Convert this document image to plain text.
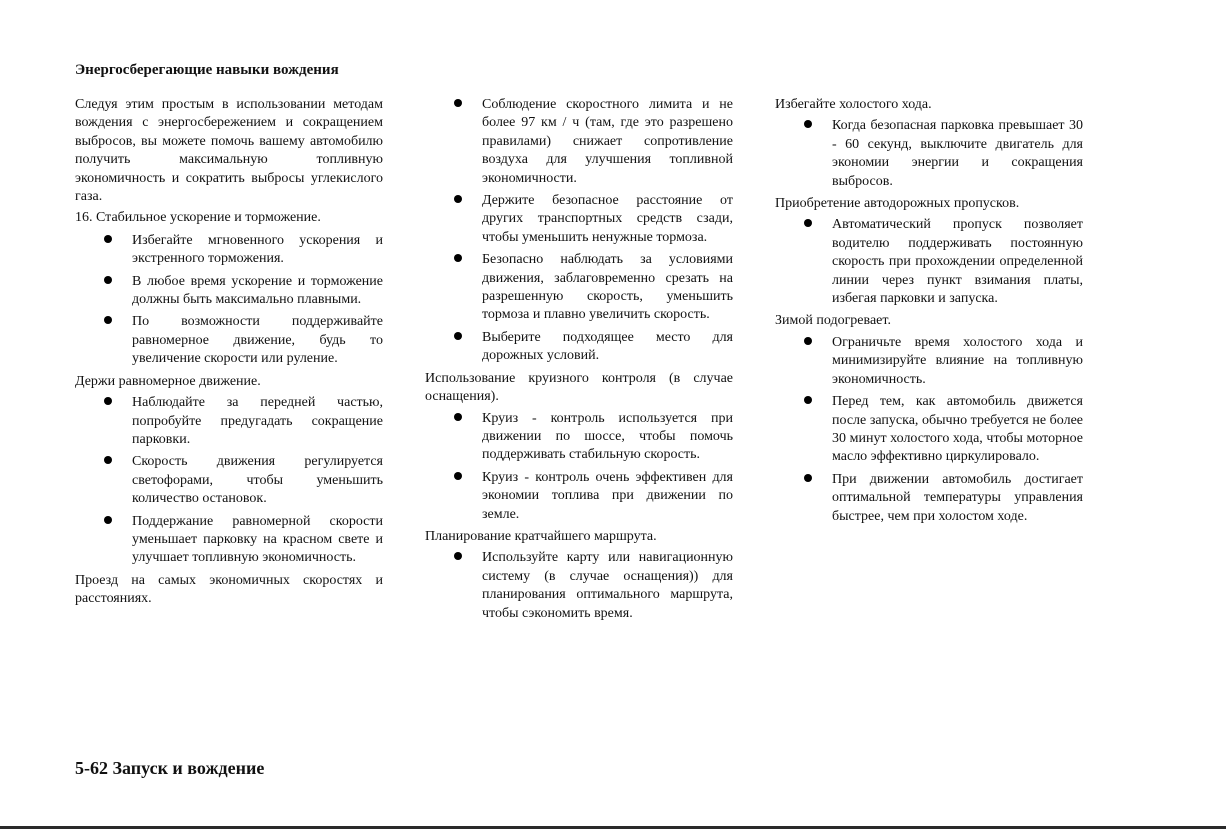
Энергосберегающие навыки вождения

Следуя этим простым в использовании методам вождения с энергосбережением и сокращением выбросов, вы можете помочь вашему автомобилю получить максимальную топливную экономичность и сократить выбросы углекислого газа.

16. Стабильное ускорение и торможение.

Избегайте мгновенного ускорения и экстренного торможения.
В любое время ускорение и торможение должны быть максимально плавными.
По возможности поддерживайте равномерное движение, будь то увеличение скорости или руление.

Держи равномерное движение.

Наблюдайте за передней частью, попробуйте предугадать сокращение парковки.
Скорость движения регулируется светофорами, чтобы уменьшить количество остановок.
Поддержание равномерной скорости уменьшает парковку на красном свете и улучшает топливную экономичность.

Проезд на самых экономичных скоростях и расстояниях.

Соблюдение скоростного лимита и не более 97 км / ч (там, где это разрешено правилами) снижает сопротивление воздуха для улучшения топливной экономичности.
Держите безопасное расстояние от других транспортных средств сзади, чтобы уменьшить ненужные тормоза.
Безопасно наблюдать за условиями движения, заблаговременно срезать на разрешенную скорость, уменьшить тормоза и плавно увеличить скорость.
Выберите подходящее место для дорожных условий.

Использование круизного контроля (в случае оснащения).

Круиз - контроль используется при движении по шоссе, чтобы помочь поддерживать стабильную скорость.
Круиз - контроль очень эффективен для экономии топлива при движении по земле.

Планирование кратчайшего маршрута.

Используйте карту или навигационную систему (в случае оснащения)) для планирования оптимального маршрута, чтобы сэкономить время.

Избегайте холостого хода.

Когда безопасная парковка превышает 30 - 60 секунд, выключите двигатель для экономии энергии и сокращения выбросов.

Приобретение автодорожных пропусков.

Автоматический пропуск позволяет водителю поддерживать постоянную скорость при прохождении определенной линии через пункт взимания платы, избегая парковки и запуска.

Зимой подогревает.

Ограничьте время холостого хода и минимизируйте влияние на топливную экономичность.
Перед тем, как автомобиль движется после запуска, обычно требуется не более 30 минут холостого хода, чтобы моторное масло эффективно циркулировало.
При движении автомобиль достигает оптимальной температуры управления быстрее, чем при холостом ходе.

5-62 Запуск и вождение
